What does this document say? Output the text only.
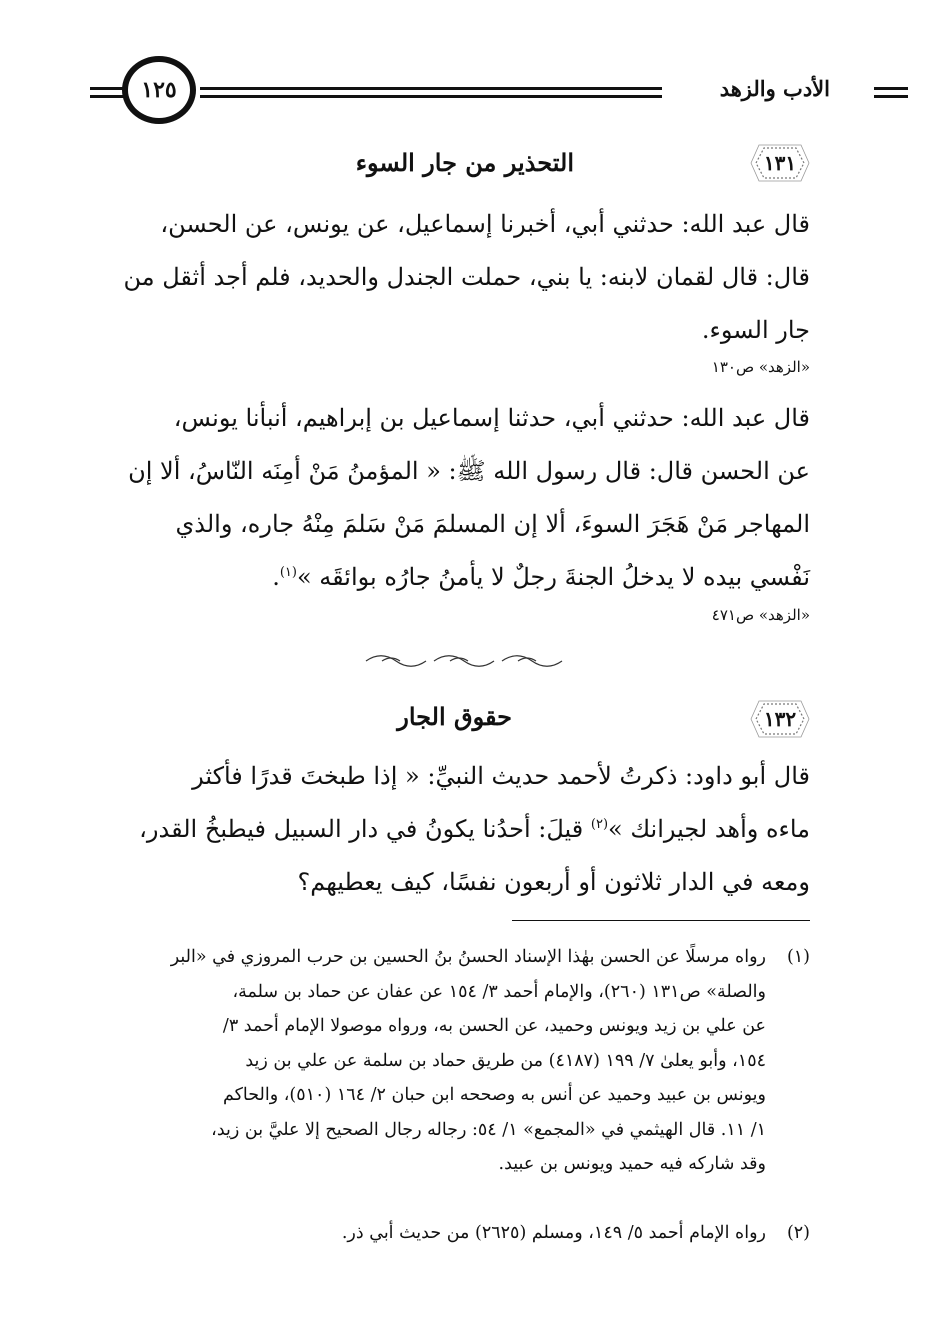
الأدب والزهد
١٢٥
١٣١
التحذير من جار السوء

قال عبد الله: حدثني أبي، أخبرنا إسماعيل، عن يونس، عن الحسن،

قال: قال لقمان لابنه: يا بني، حملت الجندل والحديد، فلم أجد أثقل من

جار السوء.

«الزهد» ص١٣٠

قال عبد الله: حدثني أبي، حدثنا إسماعيل بن إبراهيم، أنبأنا يونس،

عن الحسن قال: قال رسول الله ﷺ: « المؤمنُ مَنْ أمِنَه النّاسُ، ألا إن

المهاجر مَنْ هَجَرَ السوءَ، ألا إن المسلمَ مَنْ سَلمَ مِنْهُ جاره، والذي

نَفْسي بيده لا يدخلُ الجنةَ رجلٌ لا يأمنُ جارُه بوائقَه »$^{(١)}$.

«الزهد» ص٤٧١
١٣٢
حقوق الجار

قال أبو داود: ذكرتُ لأحمد حديث النبيِّ: « إذا طبختَ قدرًا فأكثر

ماءه وأهد لجيرانك »$^{(٢)}$ قيلَ: أحدُنا يكونُ في دار السبيل فيطبخُ القدر،

ومعه في الدار ثلاثون أو أربعون نفسًا، كيف يعطيهم؟

(١)رواه مرسلًا عن الحسن بهٰذا الإسناد الحسنُ بنُ الحسين بن حرب المروزي في «البر

والصلة» ص١٣١ (٢٦٠)، والإمام أحمد ٣/ ١٥٤ عن عفان عن حماد بن سلمة،

عن علي بن زيد ويونس وحميد، عن الحسن به، ورواه موصولا الإمام أحمد ٣/

١٥٤، وأبو يعلىٰ ٧/ ١٩٩ (٤١٨٧) من طريق حماد بن سلمة عن علي بن زيد

ويونس بن عبيد وحميد عن أنس به وصححه ابن حبان ٢/ ١٦٤ (٥١٠)، والحاكم

١/ ١١. قال الهيثمي في «المجمع» ١/ ٥٤: رجاله رجال الصحيح إلا عليَّ بن زيد،

وقد شاركه فيه حميد ويونس بن عبيد.

(٢)رواه الإمام أحمد ٥/ ١٤٩، ومسلم (٢٦٢٥) من حديث أبي ذر.
